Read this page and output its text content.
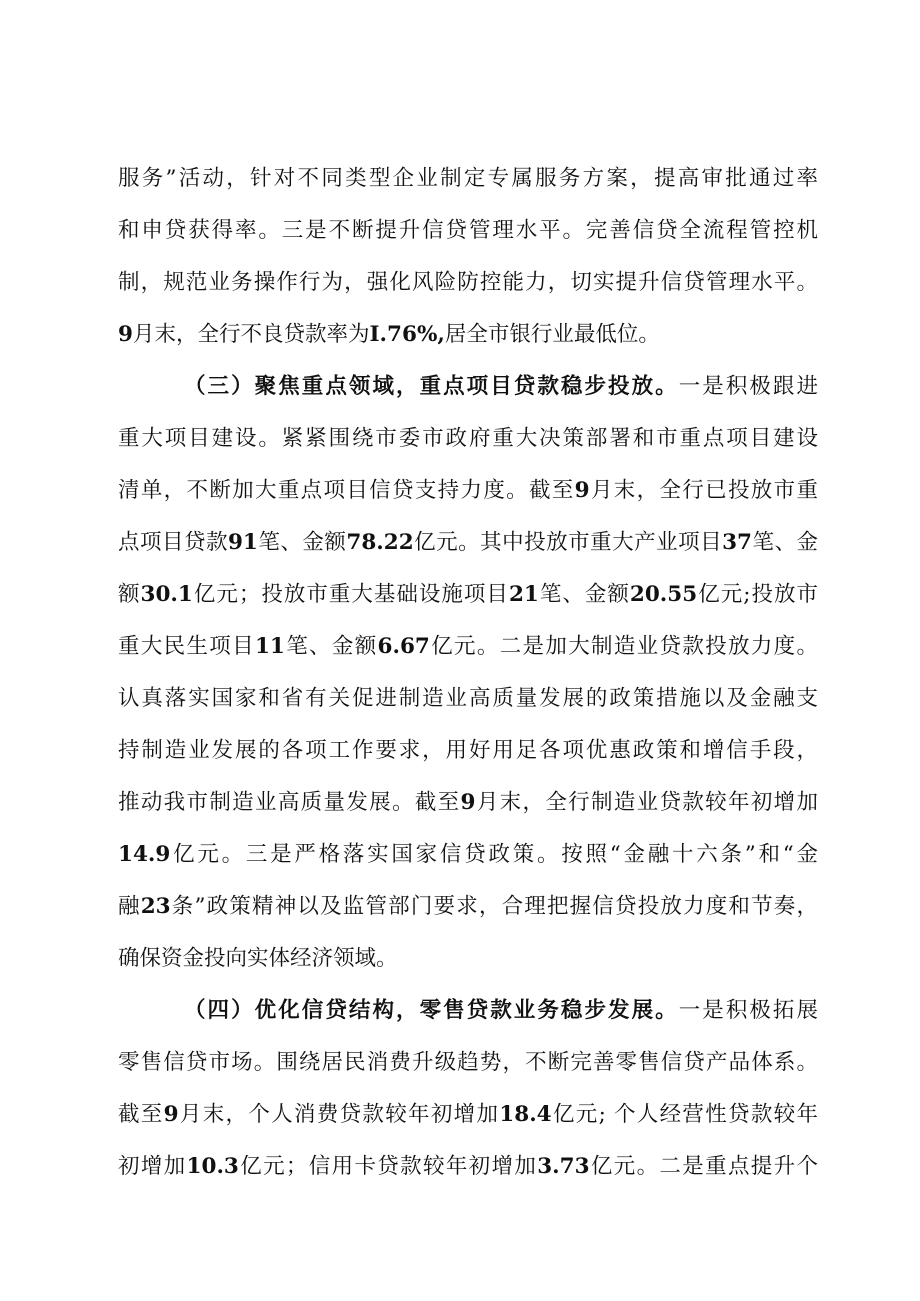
服务”活动，针对不同类型企业制定专属服务方案，提高审批通过率
和申贷获得率。三是不断提升信贷管理水平。完善信贷全流程管控机
制，规范业务操作行为，强化风险防控能力，切实提升信贷管理水平。
9月末，全行不良贷款率为I.76%,居全市银行业最低位。
（三）聚焦重点领域，重点项目贷款稳步投放。一是积极跟进
重大项目建设。紧紧围绕市委市政府重大决策部署和市重点项目建设
清单，不断加大重点项目信贷支持力度。截至9月末，全行已投放市重
点项目贷款91笔、金额78.22亿元。其中投放市重大产业项目37笔、金
额30.1亿元；投放市重大基础设施项目21笔、金额20.55亿元;投放市
重大民生项目11笔、金额6.67亿元。二是加大制造业贷款投放力度。
认真落实国家和省有关促进制造业高质量发展的政策措施以及金融支
持制造业发展的各项工作要求，用好用足各项优惠政策和增信手段，
推动我市制造业高质量发展。截至9月末，全行制造业贷款较年初增加
14.9亿元。三是严格落实国家信贷政策。按照“金融十六条”和“金
融23条”政策精神以及监管部门要求，合理把握信贷投放力度和节奏，
确保资金投向实体经济领域。
（四）优化信贷结构，零售贷款业务稳步发展。一是积极拓展
零售信贷市场。围绕居民消费升级趋势，不断完善零售信贷产品体系。
截至9月末，个人消费贷款较年初增加18.4亿元; 个人经营性贷款较年
初增加10.3亿元；信用卡贷款较年初增加3.73亿元。二是重点提升个
